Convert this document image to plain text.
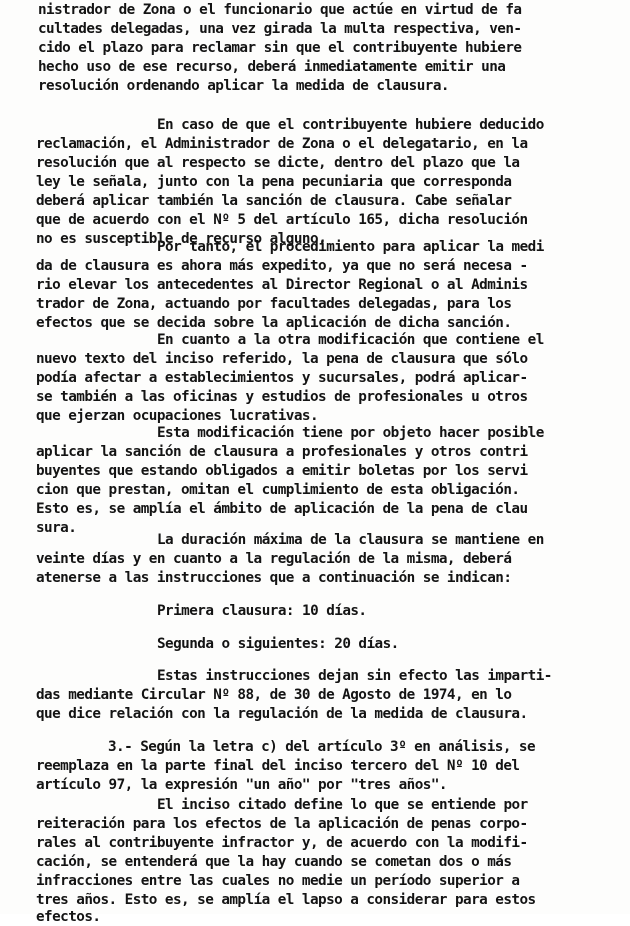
nistrador de Zona o el funcionario que actúe en virtud de fa
cultades delegadas, una vez girada la multa respectiva, ven-
cido el plazo para reclamar sin que el contribuyente hubiere
hecho uso de ese recurso, deberá inmediatamente emitir una
resolución ordenando aplicar la medida de clausura.
En caso de que el contribuyente hubiere deducido
reclamación, el Administrador de Zona o el delegatario, en la
resolución que al respecto se dicte, dentro del plazo que la
ley le señala, junto con la pena pecuniaria que corresponda
deberá aplicar también la sanción de clausura. Cabe señalar
que de acuerdo con el Nº 5 del artículo 165, dicha resolución
no es susceptible de recurso alguno.
Por tanto, el procedimiento para aplicar la medi
da de clausura es ahora más expedito, ya que no será necesa -
rio elevar los antecedentes al Director Regional o al Adminis
trador de Zona, actuando por facultades delegadas, para los
efectos que se decida sobre la aplicación de dicha sanción.
En cuanto a la otra modificación que contiene el
nuevo texto del inciso referido, la pena de clausura que sólo
podía afectar a establecimientos y sucursales, podrá aplicar-
se también a las oficinas y estudios de profesionales u otros
que ejerzan ocupaciones lucrativas.
Esta modificación tiene por objeto hacer posible
aplicar la sanción de clausura a profesionales y otros contri
buyentes que estando obligados a emitir boletas por los servi
cion que prestan, omitan el cumplimiento de esta obligación.
Esto es, se amplía el ámbito de aplicación de la pena de clau
sura.
La duración máxima de la clausura se mantiene en
veinte días y en cuanto a la regulación de la misma, deberá
atenerse a las instrucciones que a continuación se indican:
Primera clausura: 10 días.
Segunda o siguientes: 20 días.
Estas instrucciones dejan sin efecto las imparti-
das mediante Circular Nº 88, de 30 de Agosto de 1974, en lo
que dice relación con la regulación de la medida de clausura.
3.- Según la letra c) del artículo 3º en análisis, se
reemplaza en la parte final del inciso tercero del Nº 10 del
artículo 97, la expresión "un año" por "tres años".
El inciso citado define lo que se entiende por
reiteración para los efectos de la aplicación de penas corpo-
rales al contribuyente infractor y, de acuerdo con la modifi-
cación, se entenderá que la hay cuando se cometan dos o más
infracciones entre las cuales no medie un período superior a
tres años. Esto es, se amplía el lapso a considerar para estos
efectos.
